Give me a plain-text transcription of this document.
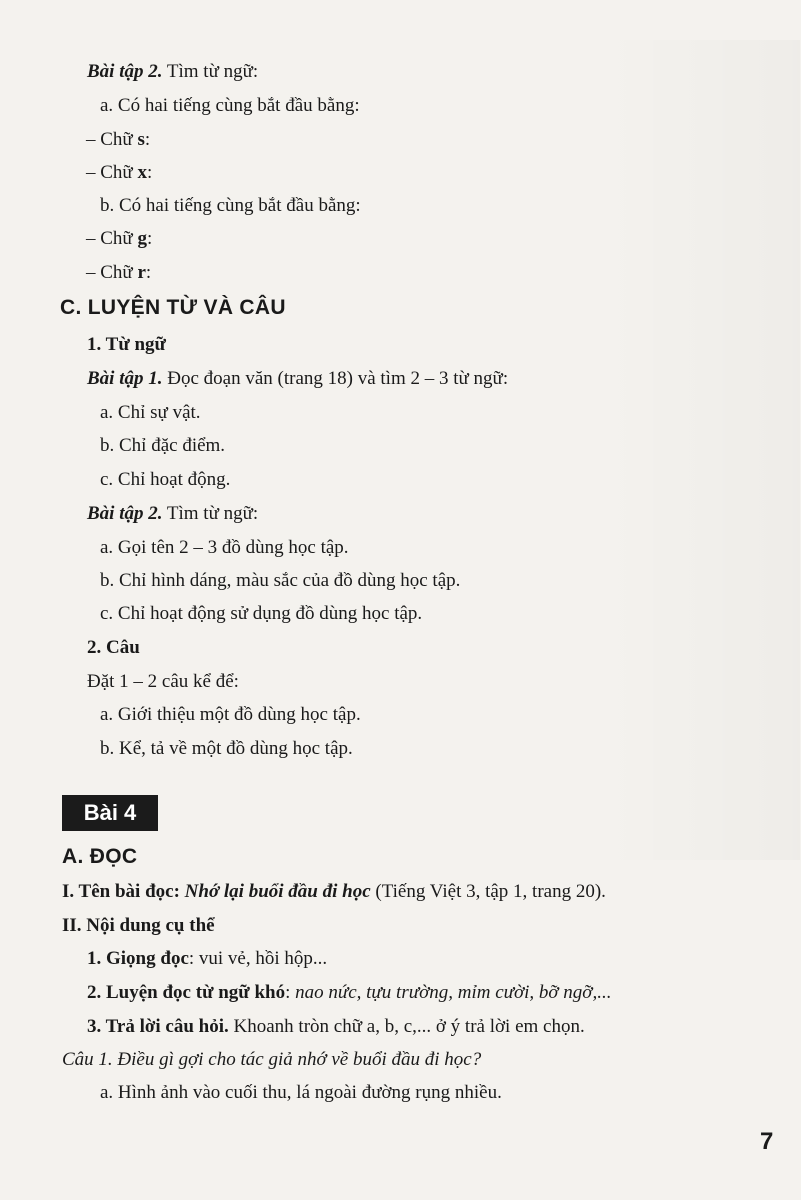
Bài tập 2. Tìm từ ngữ:
a. Có hai tiếng cùng bắt đầu bằng:
– Chữ s:
– Chữ x:
b. Có hai tiếng cùng bắt đầu bằng:
– Chữ g:
– Chữ r:
C. LUYỆN TỪ VÀ CÂU
1. Từ ngữ
Bài tập 1. Đọc đoạn văn (trang 18) và tìm 2 – 3 từ ngữ:
a. Chỉ sự vật.
b. Chỉ đặc điểm.
c. Chỉ hoạt động.
Bài tập 2. Tìm từ ngữ:
a. Gọi tên 2 – 3 đồ dùng học tập.
b. Chỉ hình dáng, màu sắc của đồ dùng học tập.
c. Chỉ hoạt động sử dụng đồ dùng học tập.
2. Câu
Đặt 1 – 2 câu kể để:
a. Giới thiệu một đồ dùng học tập.
b. Kể, tả về một đồ dùng học tập.
Bài 4
A. ĐỌC
I. Tên bài đọc: Nhớ lại buổi đầu đi học (Tiếng Việt 3, tập 1, trang 20).
II. Nội dung cụ thể
1. Giọng đọc: vui vẻ, hồi hộp...
2. Luyện đọc từ ngữ khó: nao nức, tựu trường, mỉm cười, bỡ ngỡ,...
3. Trả lời câu hỏi. Khoanh tròn chữ a, b, c,... ở ý trả lời em chọn.
Câu 1. Điều gì gợi cho tác giả nhớ về buổi đầu đi học?
a. Hình ảnh vào cuối thu, lá ngoài đường rụng nhiều.
7
